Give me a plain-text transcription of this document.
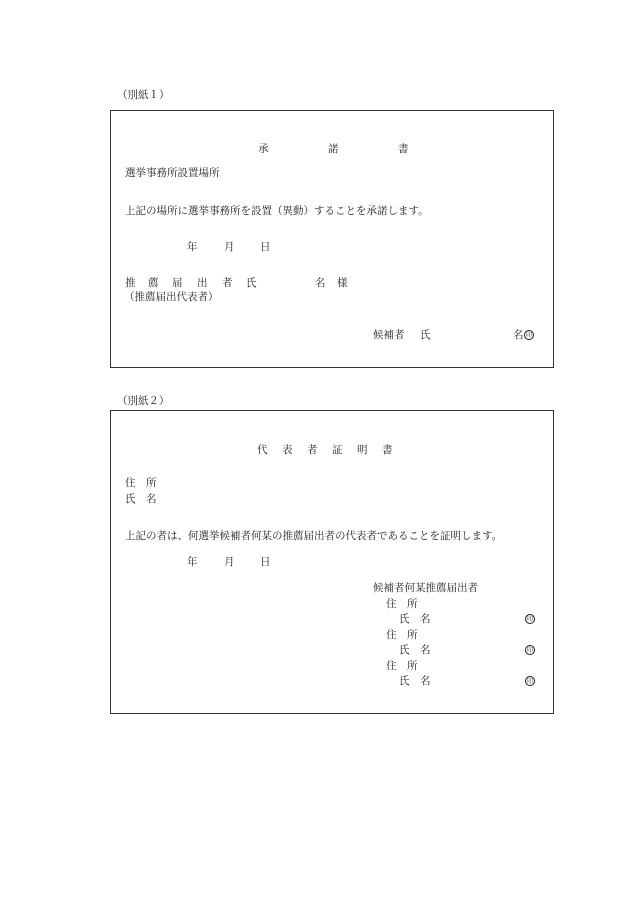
（別紙１）
承	諾	書
選挙事務所設置場所
上記の場所に選挙事務所を設置（異動）することを承諾します。
年	月 日
推 薦 届 出 者 氏	名 様
（推薦届出代表者）
候補者 氏	名 印
（別紙２）
代 表 者 証 明 書
住　所
氏　名
上記の者は、何選挙候補者何某の推薦届出者の代表者であることを証明します。
年	月 日
候補者何某推薦届出者
住　所
氏　名	印
住　所
氏　名	印
住　所
氏　名	印
